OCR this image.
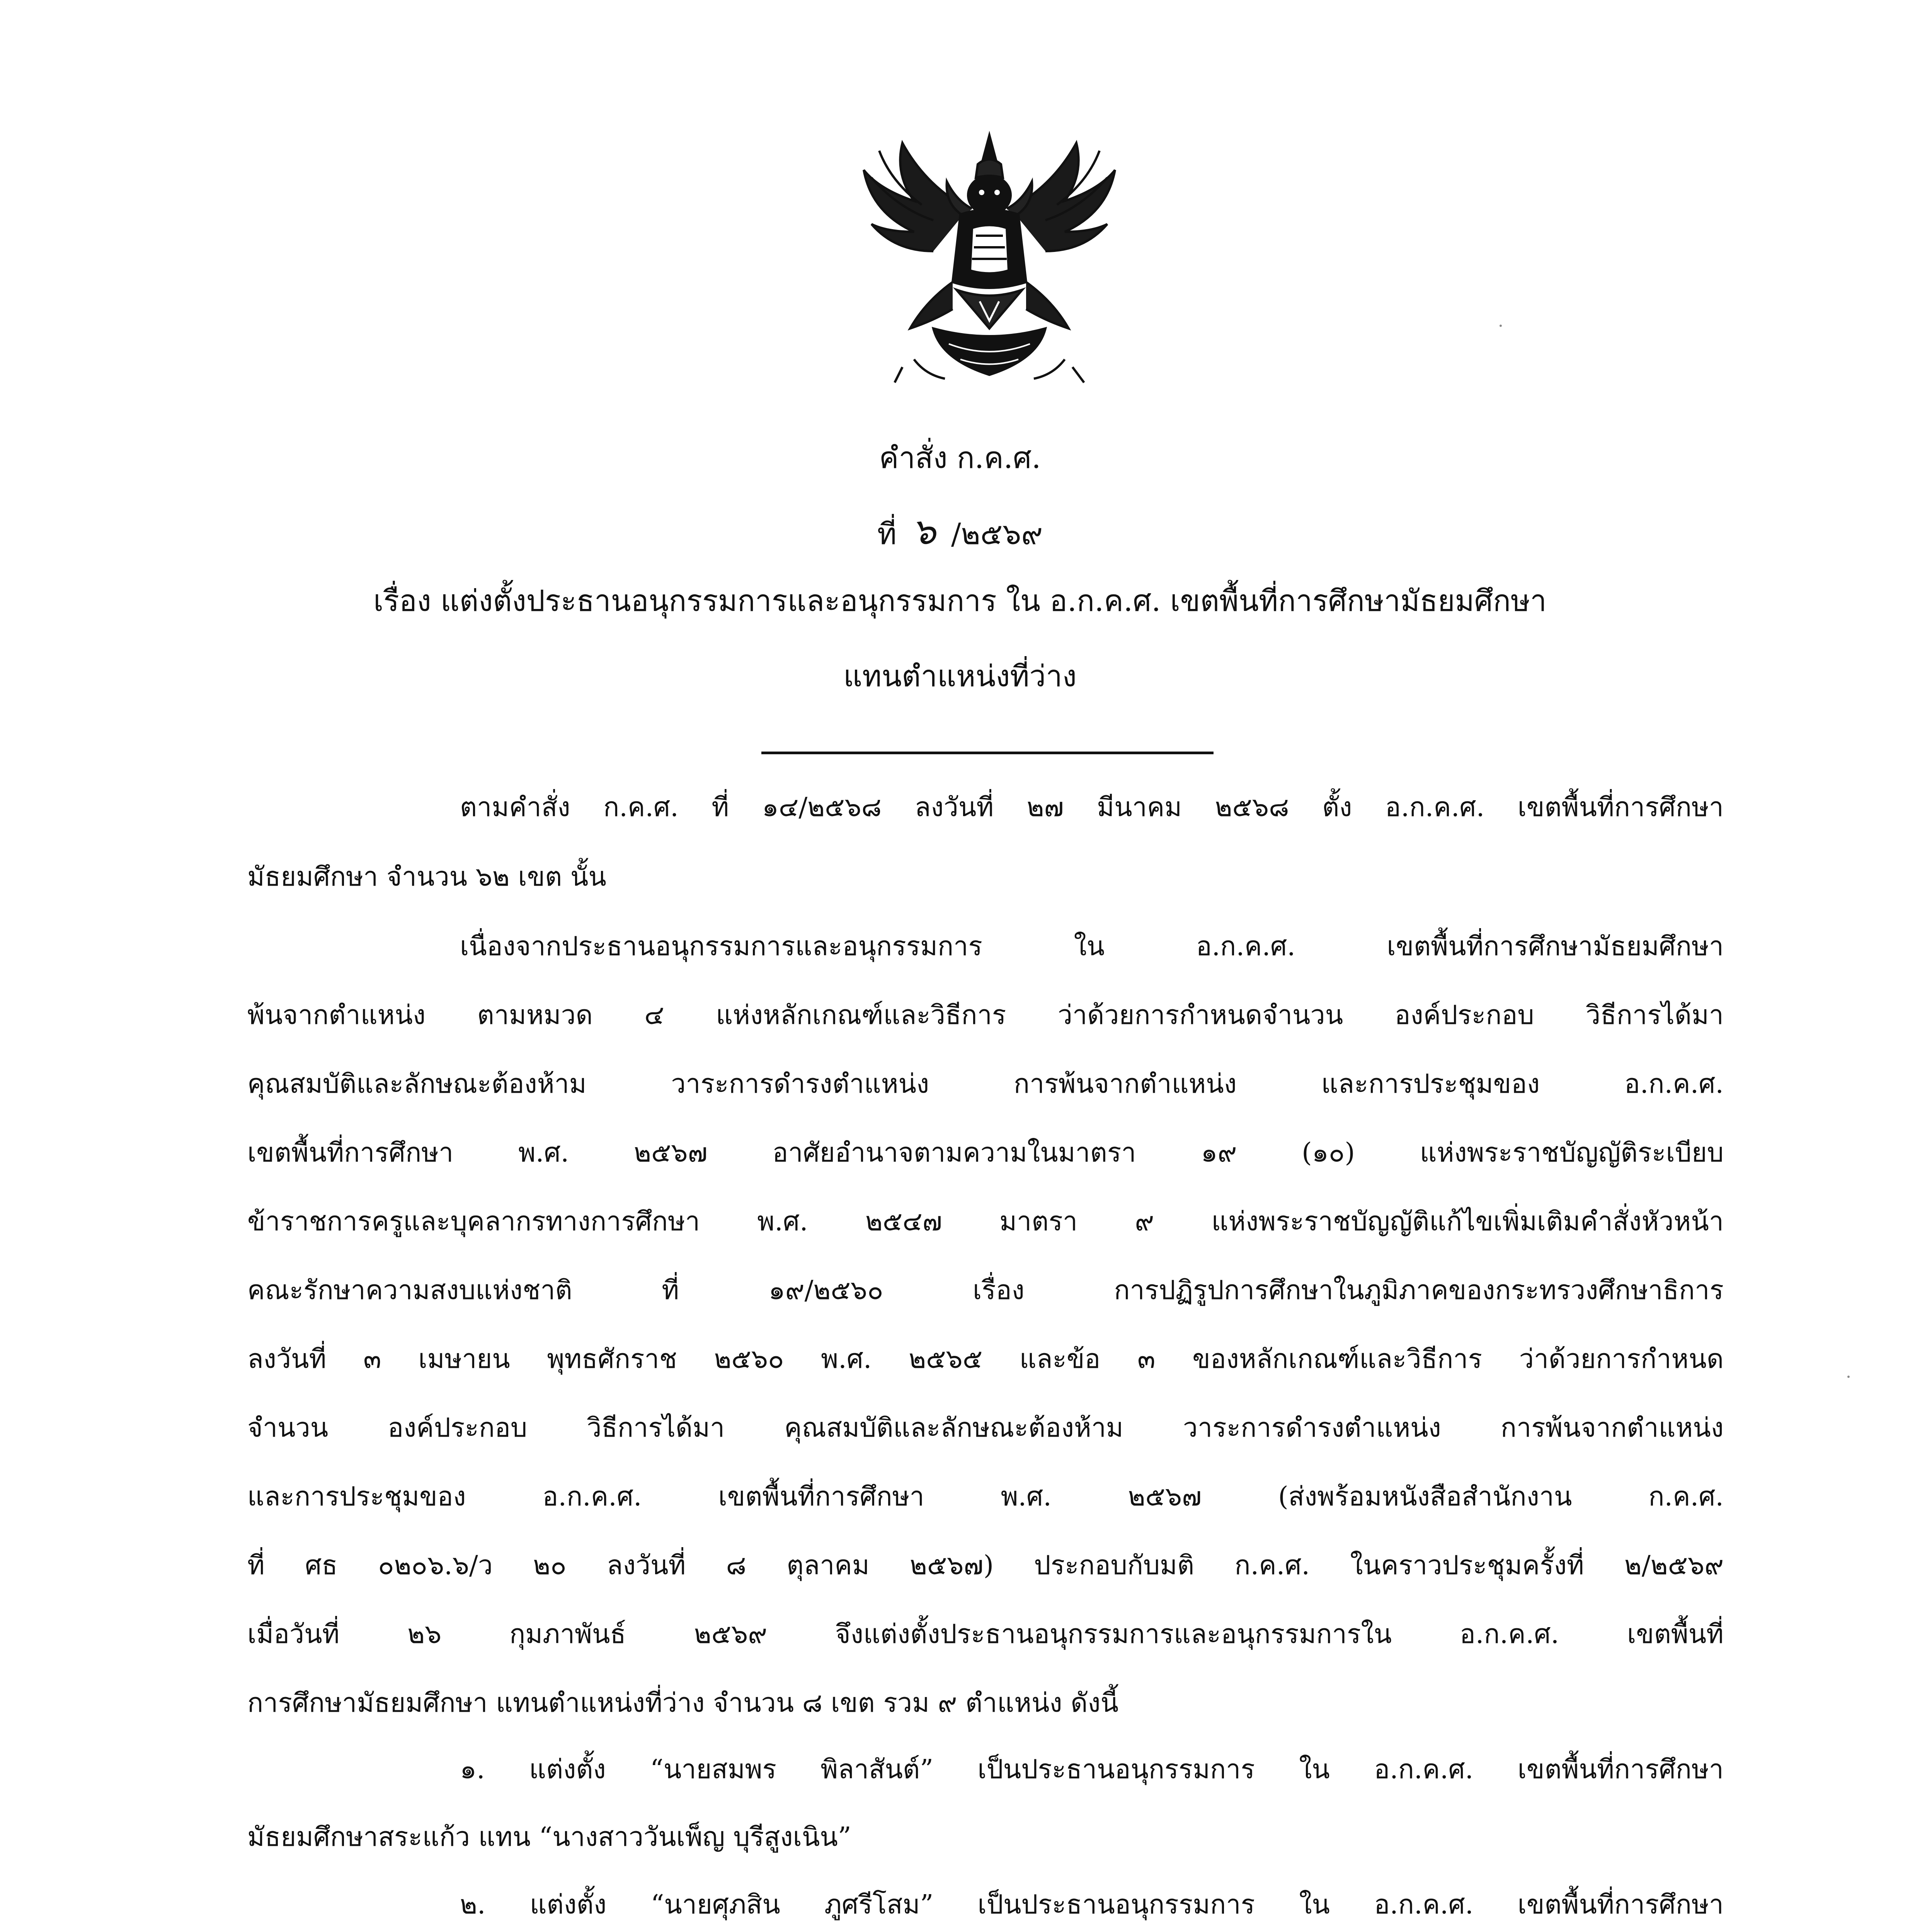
คำสั่ง ก.ค.ศ.
ที่ ๖ /๒๕๖๙
เรื่อง แต่งตั้งประธานอนุกรรมการและอนุกรรมการ ใน อ.ก.ค.ศ. เขตพื้นที่การศึกษามัธยมศึกษา
แทนตำแหน่งที่ว่าง
ตามคำสั่ง ก.ค.ศ. ที่ ๑๔/๒๕๖๘ ลงวันที่ ๒๗ มีนาคม ๒๕๖๘ ตั้ง อ.ก.ค.ศ. เขตพื้นที่การศึกษา
มัธยมศึกษา จำนวน ๖๒ เขต นั้น
เนื่องจากประธานอนุกรรมการและอนุกรรมการ ใน อ.ก.ค.ศ. เขตพื้นที่การศึกษามัธยมศึกษา
พ้นจากตำแหน่ง ตามหมวด ๔ แห่งหลักเกณฑ์และวิธีการ ว่าด้วยการกำหนดจำนวน องค์ประกอบ วิธีการได้มา
คุณสมบัติและลักษณะต้องห้าม วาระการดำรงตำแหน่ง การพ้นจากตำแหน่ง และการประชุมของ อ.ก.ค.ศ.
เขตพื้นที่การศึกษา พ.ศ. ๒๕๖๗ อาศัยอำนาจตามความในมาตรา ๑๙ (๑๐) แห่งพระราชบัญญัติระเบียบ
ข้าราชการครูและบุคลากรทางการศึกษา พ.ศ. ๒๕๔๗ มาตรา ๙ แห่งพระราชบัญญัติแก้ไขเพิ่มเติมคำสั่งหัวหน้า
คณะรักษาความสงบแห่งชาติ ที่ ๑๙/๒๕๖๐ เรื่อง การปฏิรูปการศึกษาในภูมิภาคของกระทรวงศึกษาธิการ
ลงวันที่ ๓ เมษายน พุทธศักราช ๒๕๖๐ พ.ศ. ๒๕๖๕ และข้อ ๓ ของหลักเกณฑ์และวิธีการ ว่าด้วยการกำหนด
จำนวน องค์ประกอบ วิธีการได้มา คุณสมบัติและลักษณะต้องห้าม วาระการดำรงตำแหน่ง การพ้นจากตำแหน่ง
และการประชุมของ อ.ก.ค.ศ. เขตพื้นที่การศึกษา พ.ศ. ๒๕๖๗ (ส่งพร้อมหนังสือสำนักงาน ก.ค.ศ.
ที่ ศธ ๐๒๐๖.๖/ว ๒๐ ลงวันที่ ๘ ตุลาคม ๒๕๖๗) ประกอบกับมติ ก.ค.ศ. ในคราวประชุมครั้งที่ ๒/๒๕๖๙
เมื่อวันที่ ๒๖ กุมภาพันธ์ ๒๕๖๙ จึงแต่งตั้งประธานอนุกรรมการและอนุกรรมการใน อ.ก.ค.ศ. เขตพื้นที่
การศึกษามัธยมศึกษา แทนตำแหน่งที่ว่าง จำนวน ๘ เขต รวม ๙ ตำแหน่ง ดังนี้
๑. แต่งตั้ง “นายสมพร พิลาสันต์” เป็นประธานอนุกรรมการ ใน อ.ก.ค.ศ. เขตพื้นที่การศึกษา
มัธยมศึกษาสระแก้ว แทน “นางสาววันเพ็ญ บุรีสูงเนิน”
๒. แต่งตั้ง “นายศุภสิน ภูศรีโสม” เป็นประธานอนุกรรมการ ใน อ.ก.ค.ศ. เขตพื้นที่การศึกษา
